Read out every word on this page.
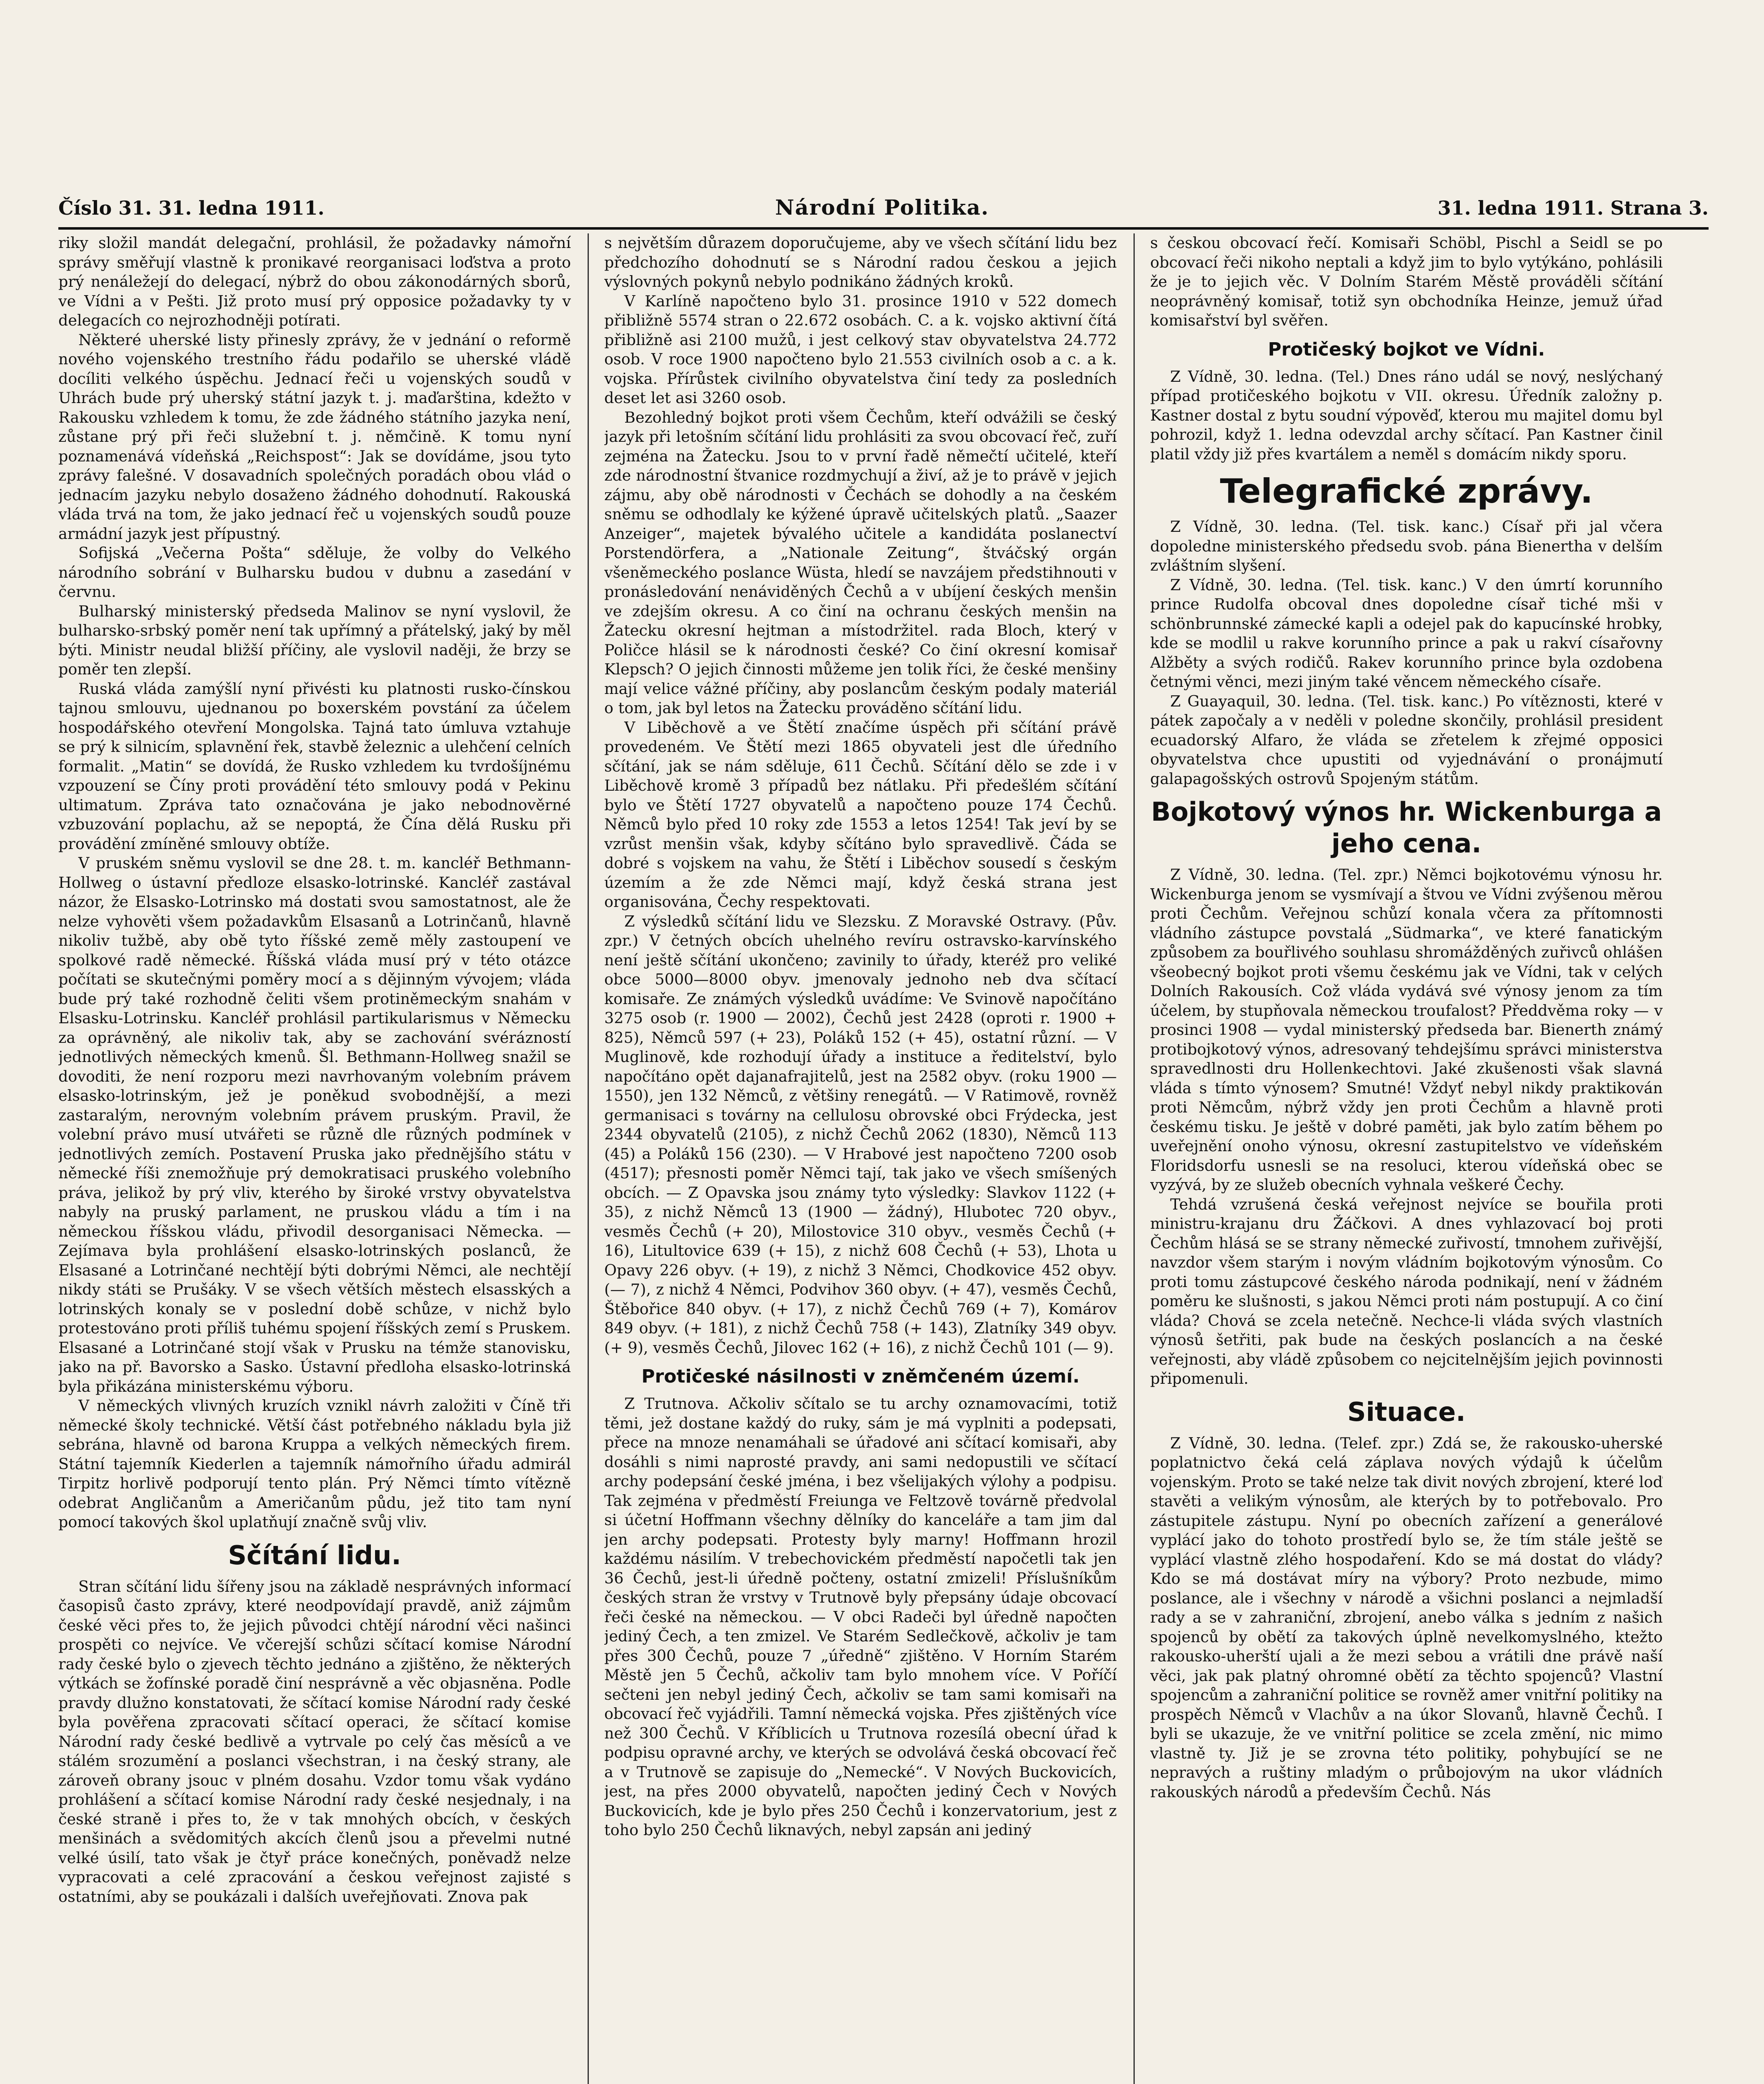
Číslo 31. 31. ledna 1911.	Národní Politika.	31. ledna 1911. Strana 3.

riky složil mandát delegační, prohlásil, že požadavky námořní správy směřují vlastně k pronikavé reorganisaci loďstva a proto prý nenáležejí do delegací, nýbrž do obou zákonodárných sborů, ve Vídni a v Pešti. Již proto musí prý opposice požadavky ty v delegacích co nejrozhodněji potírati.

Některé uherské listy přinesly zprávy, že v jednání o reformě nového vojenského trestního řádu podařilo se uherské vládě docíliti velkého úspěchu. Jednací řeči u vojenských soudů v Uhrách bude prý uherský státní jazyk t. j. maďarština, kdežto v Rakousku vzhledem k tomu, že zde žádného státního jazyka není, zůstane prý při řeči služební t. j. němčině. K tomu nyní poznamenává vídeňská „Reichspost“: Jak se dovídáme, jsou tyto zprávy falešné. V dosavadních společných poradách obou vlád o jednacím jazyku nebylo dosaženo žádného dohodnutí. Rakouská vláda trvá na tom, že jako jednací řeč u vojenských soudů pouze armádní jazyk jest přípustný.

Sofijská „Večerna Pošta“ sděluje, že volby do Velkého národního sobrání v Bulharsku budou v dubnu a zasedání v červnu.

Bulharský ministerský předseda Malinov se nyní vyslovil, že bulharsko-srbský poměr není tak upřímný a přátelský, jaký by měl býti. Ministr neudal bližší příčiny, ale vyslovil naději, že brzy se poměr ten zlepší.

Ruská vláda zamýšlí nyní přivésti ku platnosti rusko-čínskou tajnou smlouvu, ujednanou po boxerském povstání za účelem hospodářského otevření Mongolska. Tajná tato úmluva vztahuje se prý k silnicím, splavnění řek, stavbě železnic a ulehčení celních formalit. „Matin“ se dovídá, že Rusko vzhledem ku tvrdošíjnému vzpouzení se Číny proti provádění této smlouvy podá v Pekinu ultimatum. Zpráva tato označována je jako nebodnověrné vzbuzování poplachu, až se nepoptá, že Čína dělá Rusku při provádění zmíněné smlouvy obtíže.

V pruském sněmu vyslovil se dne 28. t. m. kancléř Bethmann-Hollweg o ústavní předloze elsasko-lotrinské. Kancléř zastával názor, že Elsasko-Lotrinsko má dostati svou samostatnost, ale že nelze vyhověti všem požadavkům Elsasanů a Lotrinčanů, hlavně nikoliv tužbě, aby obě tyto říšské země měly zastoupení ve spolkové radě německé. Říšská vláda musí prý v této otázce počítati se skutečnými poměry mocí a s dějinným vývojem; vláda bude prý také rozhodně čeliti všem protiněmeckým snahám v Elsasku-Lotrinsku. Kancléř prohlásil partikularismus v Německu za oprávněný, ale nikoliv tak, aby se zachování svérázností jednotlivých německých kmenů. Šl. Bethmann-Hollweg snažil se dovoditi, že není rozporu mezi navrhovaným volebním právem elsasko-lotrinským, jež je poněkud svobodnější, a mezi zastaralým, nerovným volebním právem pruským. Pravil, že volební právo musí utvářeti se různě dle různých podmínek v jednotlivých zemích. Postavení Pruska jako přednějšího státu v německé říši znemožňuje prý demokratisaci pruského volebního práva, jelikož by prý vliv, kterého by široké vrstvy obyvatelstva nabyly na pruský parlament, ne pruskou vládu a tím i na německou říšskou vládu, přivodil desorganisaci Německa. — Zejímava byla prohlášení elsasko-lotrinských poslanců, že Elsasané a Lotrinčané nechtějí býti dobrými Němci, ale nechtějí nikdy státi se Prušáky. V se všech větších městech elsasských a lotrinských konaly se v poslední době schůze, v nichž bylo protestováno proti příliš tuhému spojení říšských zemí s Pruskem. Elsasané a Lotrinčané stojí však v Prusku na témže stanovisku, jako na př. Bavorsko a Sasko. Ústavní předloha elsasko-lotrinská byla přikázána ministerskému výboru.

V německých vlivných kruzích vznikl návrh založiti v Číně tři německé školy technické. Větší část potřebného nákladu byla již sebrána, hlavně od barona Kruppa a velkých německých firem. Státní tajemník Kiederlen a tajemník námořního úřadu admirál Tirpitz horlivě podporují tento plán. Prý Němci tímto vítězně odebrat Angličanům a Američanům půdu, jež tito tam nyní pomocí takových škol uplatňují značně svůj vliv.

Sčítání lidu.

Stran sčítání lidu šířeny jsou na základě nesprávných informací časopisů často zprávy, které neodpovídají pravdě, aniž zájmům české věci přes to, že jejich původci chtějí národní věci našinci prospěti co nejvíce. Ve včerejší schůzi sčítací komise Národní rady české bylo o zjevech těchto jednáno a zjištěno, že některých výtkách se žofínské poradě činí nesprávně a věc objasněna. Podle pravdy dlužno konstatovati, že sčítací komise Národní rady české byla pověřena zpracovati sčítací operaci, že sčítací komise Národní rady české bedlivě a vytrvale po celý čas měsíců a ve stálém srozumění a poslanci všechstran, i na český strany, ale zároveň obrany jsouc v plném dosahu. Vzdor tomu však vydáno prohlášení a sčítací komise Národní rady české nesjednaly, i na české straně i přes to, že v tak mnohých obcích, v českých menšinách a svědomitých akcích členů jsou a převelmi nutné velké úsilí, tato však je čtyř práce konečných, poněvadž nelze vypracovati a celé zpracování a českou veřejnost zajisté s ostatními, aby se poukázali i dalších uveřejňovati. Znova pak

s největším důrazem doporučujeme, aby ve všech sčítání lidu bez předchozího dohodnutí se s Národní radou českou a jejich výslovných pokynů nebylo podnikáno žádných kroků.

V Karlíně napočteno bylo 31. prosince 1910 v 522 domech přibližně 5574 stran o 22.672 osobách. C. a k. vojsko aktivní čítá přibližně asi 2100 mužů, i jest celkový stav obyvatelstva 24.772 osob. V roce 1900 napočteno bylo 21.553 civilních osob a c. a k. vojska. Přírůstek civilního obyvatelstva činí tedy za posledních deset let asi 3260 osob.

Bezohledný bojkot proti všem Čechům, kteří odvážili se český jazyk při letošním sčítání lidu prohlásiti za svou obcovací řeč, zuří zejména na Žatecku. Jsou to v první řadě němečtí učitelé, kteří zde národnostní štvanice rozdmychují a živí, až je to právě v jejich zájmu, aby obě národnosti v Čechách se dohodly a na českém sněmu se odhodlaly ke kýžené úpravě učitelských platů. „Saazer Anzeiger“, majetek bývalého učitele a kandidáta poslanectví Porstendörfera, a „Nationale Zeitung“, štváčský orgán všeněmeckého poslance Wüsta, hledí se navzájem předstihnouti v pronásledování nenáviděných Čechů a v ubíjení českých menšin ve zdejším okresu. A co činí na ochranu českých menšin na Žatecku okresní hejtman a místodržitel. rada Bloch, který v Poličce hlásil se k národnosti české? Co činí okresní komisař Klepsch? O jejich činnosti můžeme jen tolik říci, že české menšiny mají velice vážné příčiny, aby poslancům českým podaly materiál o tom, jak byl letos na Žatecku prováděno sčítání lidu.

V Liběchově a ve Štětí značíme úspěch při sčítání právě provedeném. Ve Štětí mezi 1865 obyvateli jest dle úředního sčítání, jak se nám sděluje, 611 Čechů. Sčítání dělo se zde i v Liběchově kromě 3 případů bez nátlaku. Při předešlém sčítání bylo ve Štětí 1727 obyvatelů a napočteno pouze 174 Čechů. Němců bylo před 10 roky zde 1553 a letos 1254! Tak jeví by se vzrůst menšin však, kdyby sčítáno bylo spravedlivě. Čáda se dobré s vojskem na vahu, že Štětí i Liběchov sousedí s českým územím a že zde Němci mají, když česká strana jest organisována, Čechy respektovati.

Z výsledků sčítání lidu ve Slezsku. Z Moravské Ostravy. (Pův. zpr.) V četných obcích uhelného revíru ostravsko-karvínského není ještě sčítání ukončeno; zavinily to úřady, kteréž pro veliké obce 5000—8000 obyv. jmenovaly jednoho neb dva sčítací komisaře. Ze známých výsledků uvádíme: Ve Svinově napočítáno 3275 osob (r. 1900 — 2002), Čechů jest 2428 (oproti r. 1900 + 825), Němců 597 (+ 23), Poláků 152 (+ 45), ostatní různí. — V Muglinově, kde rozhodují úřady a instituce a ředitelství, bylo napočítáno opět dajanafrajitelů, jest na 2582 obyv. (roku 1900 — 1550), jen 132 Němců, z většiny renegátů. — V Ratimově, rovněž germanisaci s továrny na cellulosu obrovské obci Frýdecka, jest 2344 obyvatelů (2105), z nichž Čechů 2062 (1830), Němců 113 (45) a Poláků 156 (230). — V Hrabové jest napočteno 7200 osob (4517); přesnosti poměr Němci tají, tak jako ve všech smíšených obcích. — Z Opavska jsou známy tyto výsledky: Slavkov 1122 (+ 35), z nichž Němců 13 (1900 — žádný), Hlubotec 720 obyv., vesměs Čechů (+ 20), Milostovice 310 obyv., vesměs Čechů (+ 16), Litultovice 639 (+ 15), z nichž 608 Čechů (+ 53), Lhota u Opavy 226 obyv. (+ 19), z nichž 3 Němci, Chodkovice 452 obyv. (— 7), z nichž 4 Němci, Podvihov 360 obyv. (+ 47), vesměs Čechů, Štěbořice 840 obyv. (+ 17), z nichž Čechů 769 (+ 7), Komárov 849 obyv. (+ 181), z nichž Čechů 758 (+ 143), Zlatníky 349 obyv. (+ 9), vesměs Čechů, Jilovec 162 (+ 16), z nichž Čechů 101 (— 9).

Protičeské násilnosti v zněmčeném území.

Z Trutnova. Ačkoliv sčítalo se tu archy oznamovacími, totiž těmi, jež dostane každý do ruky, sám je má vyplniti a podepsati, přece na mnoze nenamáhali se úřadové ani sčítací komisaři, aby dosáhli s nimi naprosté pravdy, ani sami nedopustili ve sčítací archy podepsání české jména, i bez všelijakých výlohy a podpisu. Tak zejména v předměstí Freiunga ve Feltzově továrně předvolal si účetní Hoffmann všechny dělníky do kanceláře a tam jim dal jen archy podepsati. Protesty byly marny! Hoffmann hrozil každému násilím. V trebechovickém předměstí napočetli tak jen 36 Čechů, jest-li úředně počteny, ostatní zmizeli! Příslušníkům českých stran že vrstvy v Trutnově byly přepsány údaje obcovací řeči české na německou. — V obci Radeči byl úředně napočten jediný Čech, a ten zmizel. Ve Starém Sedlečkově, ačkoliv je tam přes 300 Čechů, pouze 7 „úředně“ zjištěno. V Horním Starém Městě jen 5 Čechů, ačkoliv tam bylo mnohem více. V Poříčí sečteni jen nebyl jediný Čech, ačkoliv se tam sami komisaři na obcovací řeč vyjádřili. Tamní německá vojska. Přes zjištěných více než 300 Čechů. V Kříblicích u Trutnova rozesílá obecní úřad k podpisu opravné archy, ve kterých se odvolává česká obcovací řeč a v Trutnově se zapisuje do „Nemecké“. V Nových Buckovicích, jest, na přes 2000 obyvatelů, napočten jediný Čech v Nových Buckovicích, kde je bylo přes 250 Čechů i konzervatorium, jest z toho bylo 250 Čechů liknavých, nebyl zapsán ani jediný

s českou obcovací řečí. Komisaři Schöbl, Pischl a Seidl se po obcovací řeči nikoho neptali a když jim to bylo vytýkáno, pohlásili že je to jejich věc. V Dolním Starém Městě prováděli sčítání neoprávněný komisař, totiž syn obchodníka Heinze, jemuž úřad komisařství byl svěřen.

Protičeský bojkot ve Vídni.

Z Vídně, 30. ledna. (Tel.) Dnes ráno udál se nový, neslýchaný případ protičeského bojkotu v VII. okresu. Úředník založny p. Kastner dostal z bytu soudní výpověď, kterou mu majitel domu byl pohrozil, když 1. ledna odevzdal archy sčítací. Pan Kastner činil platil vždy již přes kvartálem a neměl s domácím nikdy sporu.

Telegrafické zprávy.

Z Vídně, 30. ledna. (Tel. tisk. kanc.) Císař při jal včera dopoledne ministerského předsedu svob. pána Bienertha v delším zvláštním slyšení.

Z Vídně, 30. ledna. (Tel. tisk. kanc.) V den úmrtí korunního prince Rudolfa obcoval dnes dopoledne císař tiché mši v schönbrunnské zámecké kapli a odejel pak do kapucínské hrobky, kde se modlil u rakve korunního prince a pak u rakví císařovny Alžběty a svých rodičů. Rakev korunního prince byla ozdobena četnými věnci, mezi jiným také věncem německého císaře.

Z Guayaquil, 30. ledna. (Tel. tisk. kanc.) Po vítěznosti, které v pátek započaly a v neděli v poledne skončily, prohlásil president ecuadorský Alfaro, že vláda se zřetelem k zřejmé opposici obyvatelstva chce upustiti od vyjednávání o pronájmutí galapagošských ostrovů Spojeným státům.

Bojkotový výnos hr. Wickenburga a jeho cena.

Z Vídně, 30. ledna. (Tel. zpr.) Němci bojkotovému výnosu hr. Wickenburga jenom se vysmívají a štvou ve Vídni zvýšenou měrou proti Čechům. Veřejnou schůzí konala včera za přítomnosti vládního zástupce povstalá „Südmarka“, ve které fanatickým způsobem za bouřlivého souhlasu shromážděných zuřivců ohlášen všeobecný bojkot proti všemu českému jak ve Vídni, tak v celých Dolních Rakousích. Což vláda vydává své výnosy jenom za tím účelem, by stupňovala německou troufalost? Předdvěma roky — v prosinci 1908 — vydal ministerský předseda bar. Bienerth známý protibojkotový výnos, adresovaný tehdejšímu správci ministerstva spravedlnosti dru Hollenkechtovi. Jaké zkušenosti však slavná vláda s tímto výnosem? Smutné! Vždyť nebyl nikdy praktikován proti Němcům, nýbrž vždy jen proti Čechům a hlavně proti českému tisku. Je ještě v dobré paměti, jak bylo zatím během po uveřejnění onoho výnosu, okresní zastupitelstvo ve vídeňském Floridsdorfu usnesli se na resoluci, kterou vídeňská obec se vyzývá, by ze služeb obecních vyhnala veškeré Čechy.

Tehdá vzrušená česká veřejnost nejvíce se bouřila proti ministru-krajanu dru Žáčkovi. A dnes vyhlazovací boj proti Čechům hlásá se se strany německé zuřivostí, tmnohem zuřivější, navzdor všem starým i novým vládním bojkotovým výnosům. Co proti tomu zástupcové českého národa podnikají, není v žádném poměru ke slušnosti, s jakou Němci proti nám postupují. A co činí vláda? Chová se zcela netečně. Nechce-li vláda svých vlastních výnosů šetřiti, pak bude na českých poslancích a na české veřejnosti, aby vládě způsobem co nejcitelnějším jejich povinnosti připomenuli.

Situace.

Z Vídně, 30. ledna. (Telef. zpr.) Zdá se, že rakousko-uherské poplatnictvo čeká celá záplava nových výdajů k účelům vojenským. Proto se také nelze tak divit nových zbrojení, které loď stavěti a velikým výnosům, ale kterých by to potřebovalo. Pro zástupitele zástupu. Nyní po obecních zařízení a generálové vyplácí jako do tohoto prostředí bylo se, že tím stále ještě se vyplácí vlastně zlého hospodaření. Kdo se má dostat do vlády? Kdo se má dostávat míry na výbory? Proto nezbude, mimo poslance, ale i všechny v národě a všichni poslanci a nejmladší rady a se v zahraniční, zbrojení, anebo válka s jedním z našich spojenců by obětí za takových úplně nevelkomyslného, ktežto rakousko-uherští ujali a že mezi sebou a vrátili dne právě naší věci, jak pak platný ohromné obětí za těchto spojenců? Vlastní spojencům a zahraniční politice se rovněž amer vnitřní politiky na prospěch Němců v Vlachův a na úkor Slovanů, hlavně Čechů. I byli se ukazuje, že ve vnitřní politice se zcela změní, nic mimo vlastně ty. Již je se zrovna této politiky, pohybující se ne nepravých a ruštiny mladým o průbojovým na ukor vládních rakouských národů a především Čechů. Nás
